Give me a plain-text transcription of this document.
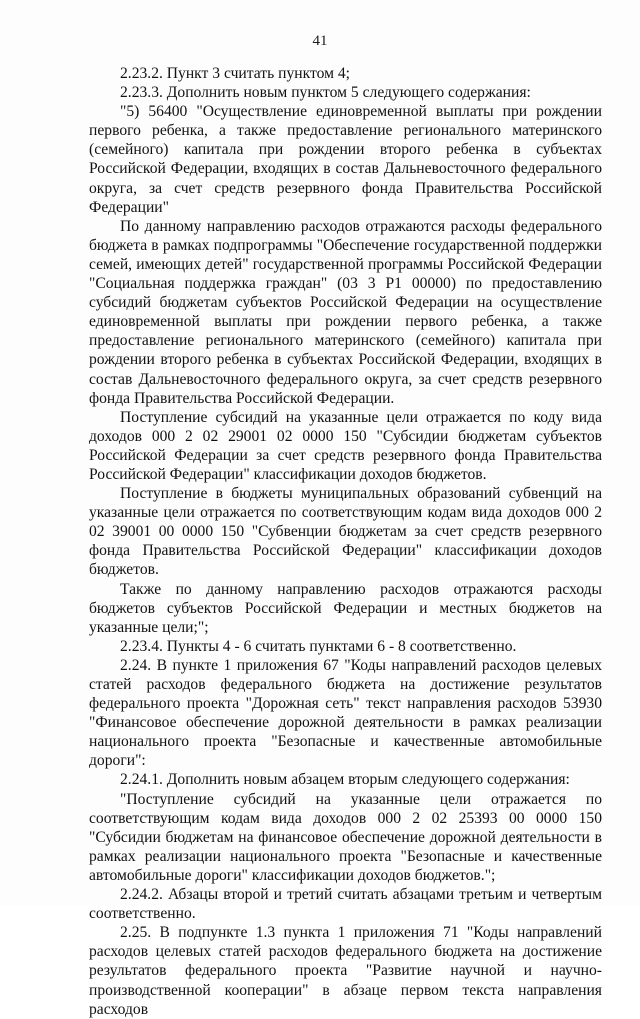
41

2.23.2. Пункт 3 считать пунктом 4;

2.23.3. Дополнить новым пунктом 5 следующего содержания:

"5) 56400 "Осуществление единовременной выплаты при рождении первого ребенка, а также предоставление регионального материнского (семейного) капитала при рождении второго ребенка в субъектах Российской Федерации, входящих в состав Дальневосточного федерального округа, за счет средств резервного фонда Правительства Российской Федерации"

По данному направлению расходов отражаются расходы федерального бюджета в рамках подпрограммы "Обеспечение государственной поддержки семей, имеющих детей" государственной программы Российской Федерации "Социальная поддержка граждан" (03 3 Р1 00000) по предоставлению субсидий бюджетам субъектов Российской Федерации на осуществление единовременной выплаты при рождении первого ребенка, а также предоставление регионального материнского (семейного) капитала при рождении второго ребенка в субъектах Российской Федерации, входящих в состав Дальневосточного федерального округа, за счет средств резервного фонда Правительства Российской Федерации.

Поступление субсидий на указанные цели отражается по коду вида доходов 000 2 02 29001 02 0000 150 "Субсидии бюджетам субъектов Российской Федерации за счет средств резервного фонда Правительства Российской Федерации" классификации доходов бюджетов.

Поступление в бюджеты муниципальных образований субвенций на указанные цели отражается по соответствующим кодам вида доходов 000 2 02 39001 00 0000 150 "Субвенции бюджетам за счет средств резервного фонда Правительства Российской Федерации" классификации доходов бюджетов.

Также по данному направлению расходов отражаются расходы бюджетов субъектов Российской Федерации и местных бюджетов на указанные цели;";

2.23.4. Пункты 4 - 6 считать пунктами 6 - 8 соответственно.

2.24. В пункте 1 приложения 67 "Коды направлений расходов целевых статей расходов федерального бюджета на достижение результатов федерального проекта "Дорожная сеть" текст направления расходов 53930 "Финансовое обеспечение дорожной деятельности в рамках реализации национального проекта "Безопасные и качественные автомобильные дороги":

2.24.1. Дополнить новым абзацем вторым следующего содержания:

"Поступление субсидий на указанные цели отражается по соответствующим кодам вида доходов 000 2 02 25393 00 0000 150 "Субсидии бюджетам на финансовое обеспечение дорожной деятельности в рамках реализации национального проекта "Безопасные и качественные автомобильные дороги" классификации доходов бюджетов.";

2.24.2. Абзацы второй и третий считать абзацами третьим и четвертым соответственно.

2.25. В подпункте 1.3 пункта 1 приложения 71 "Коды направлений расходов целевых статей расходов федерального бюджета на достижение результатов федерального проекта "Развитие научной и научно-производственной кооперации" в абзаце первом текста направления расходов
